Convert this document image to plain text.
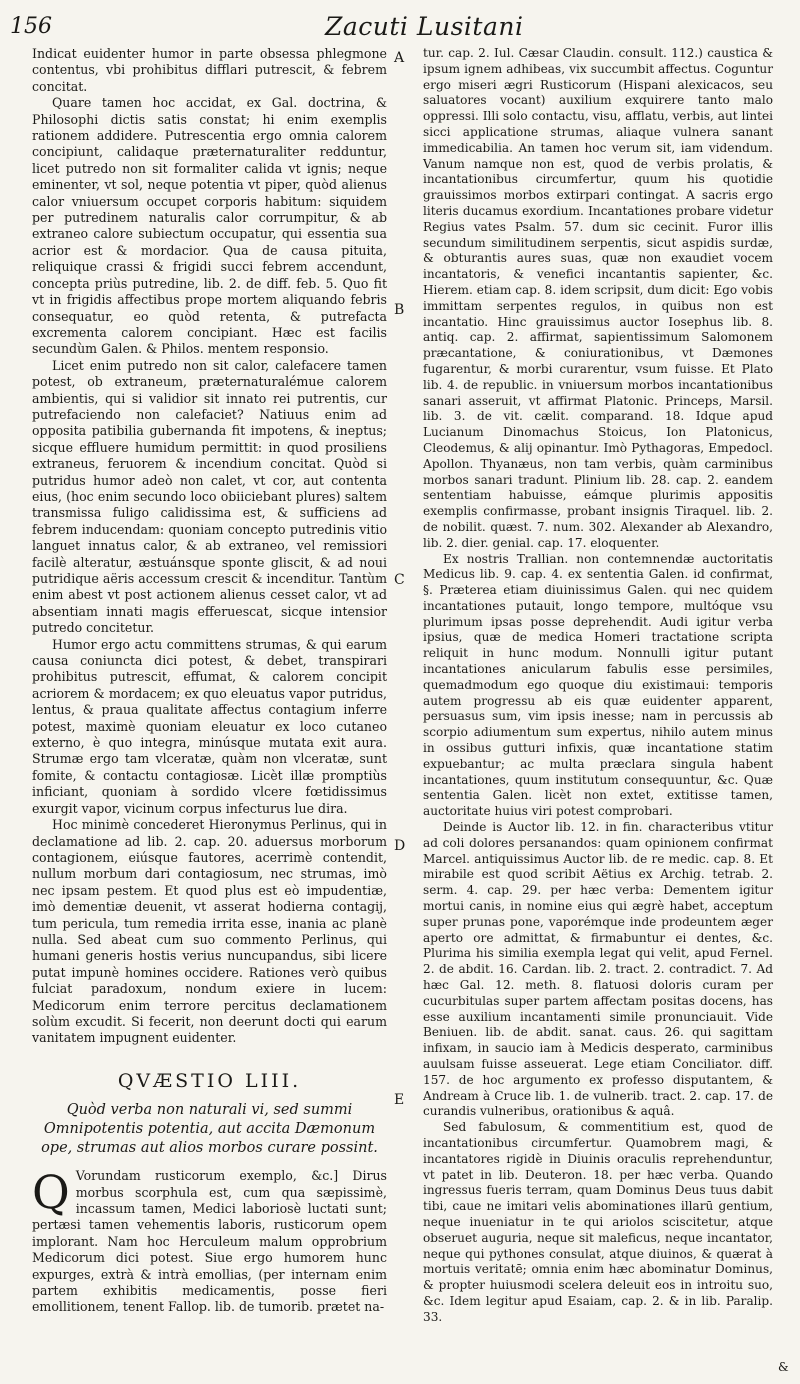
156	Zacuti Lusitani

Indicat euidenter humor in parte obsessa phlegmone contentus, vbi prohibitus difflari putrescit, & febrem concitat.

Quare tamen hoc accidat, ex Gal. doctrina, & Philosophi dictis satis constat; hi enim exemplis rationem addidere. Putrescentia ergo omnia calorem concipiunt, calidaque præternaturaliter redduntur, licet putredo non sit formaliter calida vt ignis; neque eminenter, vt sol, neque potentia vt piper, quòd alienus calor vniuersum occupet corporis habitum: siquidem per putredinem naturalis calor corrumpitur, & ab extraneo calore subiectum occupatur, qui essentia sua acrior est & mordacior. Qua de causa pituita, reliquique crassi & frigidi succi febrem accendunt, concepta priùs putredine, lib. 2. de diff. feb. 5. Quo fit vt in frigidis affectibus prope mortem aliquando febris consequatur, eo quòd retenta, & putrefacta excrementa calorem concipiant. Hæc est facilis secundùm Galen. & Philos. mentem responsio.

Licet enim putredo non sit calor, calefacere tamen potest, ob extraneum, præternaturalémue calorem ambientis, qui si validior sit innato rei putrentis, cur putrefaciendo non calefaciet? Natiuus enim ad opposita patibilia gubernanda fit impotens, & ineptus; sicque effluere humidum permittit: in quod prosiliens extraneus, feruorem & incendium concitat. Quòd si putridus humor adeò non calet, vt cor, aut contenta eius, (hoc enim secundo loco obiiciebant plures) saltem transmissa fuligo calidissima est, & sufficiens ad febrem inducendam: quoniam concepto putredinis vitio languet innatus calor, & ab extraneo, vel remissiori facilè alteratur, æstuánsque sponte gliscit, & ad noui putridique aëris accessum crescit & incenditur. Tantùm enim abest vt post actionem alienus cesset calor, vt ad absentiam innati magis efferuescat, sicque intensior putredo concitetur.

Humor ergo actu committens strumas, & qui earum causa coniuncta dici potest, & debet, transpirari prohibitus putrescit, effumat, & calorem concipit acriorem & mordacem; ex quo eleuatus vapor putridus, lentus, & praua qualitate affectus contagium inferre potest, maximè quoniam eleuatur ex loco cutaneo externo, è quo integra, minúsque mutata exit aura. Strumæ ergo tam vlceratæ, quàm non vlceratæ, sunt fomite, & contactu contagiosæ. Licèt illæ promptiùs inficiant, quoniam à sordido vlcere fœtidissimus exurgit vapor, vicinum corpus infecturus lue dira.

Hoc minimè concederet Hieronymus Perlinus, qui in declamatione ad lib. 2. cap. 20. aduersus morborum contagionem, eiúsque fautores, acerrimè contendit, nullum morbum dari contagiosum, nec strumas, imò nec ipsam pestem. Et quod plus est eò impudentiæ, imò dementiæ deuenit, vt asserat hodierna contagij, tum pericula, tum remedia irrita esse, inania ac planè nulla. Sed abeat cum suo commento Perlinus, qui humani generis hostis verius nuncupandus, sibi licere putat impunè homines occidere. Rationes verò quibus fulciat paradoxum, nondum exiere in lucem: Medicorum enim terrore percitus declamationem solùm excudit. Si fecerit, non deerunt docti qui earum vanitatem impugnent euidenter.

QVÆSTIO LIII.
Quòd verba non naturali vi, sed summi Omnipotentis potentia, aut accita Dæmonum ope, strumas aut alios morbos curare possint.

Q Vorundam rusticorum exemplo, &c.] Dirus morbus scorphula est, cum qua sæpissimè, incassum tamen, Medici laboriosè luctati sunt; pertæsi tamen vehementis laboris, rusticorum opem implorant. Nam hoc Herculeum malum opprobrium Medicorum dici potest. Siue ergo humorem hunc expurges, extrà & intrà emollias, (per internam enim partem exhibitis medicamentis, posse fieri emollitionem, tenent Fallop. lib. de tumorib. prætet na-

A
B
C
D
E

tur. cap. 2. Iul. Cæsar Claudin. consult. 112.) caustica & ipsum ignem adhibeas, vix succumbit affectus. Coguntur ergo miseri ægri Rusticorum (Hispani alexicacos, seu saluatores vocant) auxilium exquirere tanto malo oppressi. Illi solo contactu, visu, afflatu, verbis, aut lintei sicci applicatione strumas, aliaque vulnera sanant immedicabilia. An tamen hoc verum sit, iam videndum. Vanum namque non est, quod de verbis prolatis, & incantationibus circumfertur, quum his quotidie grauissimos morbos extirpari contingat. A sacris ergo literis ducamus exordium. Incantationes probare videtur Regius vates Psalm. 57. dum sic cecinit. Furor illis secundum similitudinem serpentis, sicut aspidis surdæ, & obturantis aures suas, quæ non exaudiet vocem incantatoris, & venefici incantantis sapienter, &c. Hierem. etiam cap. 8. idem scripsit, dum dicit: Ego vobis immittam serpentes regulos, in quibus non est incantatio. Hinc grauissimus auctor Iosephus lib. 8. antiq. cap. 2. affirmat, sapientissimum Salomonem præcantatione, & coniurationibus, vt Dæmones fugarentur, & morbi curarentur, vsum fuisse. Et Plato lib. 4. de republic. in vniuersum morbos incantationibus sanari asseruit, vt affirmat Platonic. Princeps, Marsil. lib. 3. de vit. cælit. comparand. 18. Idque apud Lucianum Dinomachus Stoicus, Ion Platonicus, Cleodemus, & alij opinantur. Imò Pythagoras, Empedocl. Apollon. Thyanæus, non tam verbis, quàm carminibus morbos sanari tradunt. Plinium lib. 28. cap. 2. eandem sententiam habuisse, eámque plurimis appositis exemplis confirmasse, probant insignis Tiraquel. lib. 2. de nobilit. quæst. 7. num. 302. Alexander ab Alexandro, lib. 2. dier. genial. cap. 17. eloquenter.

Ex nostris Trallian. non contemnendæ auctoritatis Medicus lib. 9. cap. 4. ex sententia Galen. id confirmat, §. Præterea etiam diuinissimus Galen. qui nec quidem incantationes putauit, longo tempore, multóque vsu plurimum ipsas posse deprehendit. Audi igitur verba ipsius, quæ de medica Homeri tractatione scripta reliquit in hunc modum. Nonnulli igitur putant incantationes anicularum fabulis esse persimiles, quemadmodum ego quoque diu existimaui: temporis autem progressu ab eis quæ euidenter apparent, persuasus sum, vim ipsis inesse; nam in percussis ab scorpio adiumentum sum expertus, nihilo autem minus in ossibus gutturi infixis, quæ incantatione statim expuebantur; ac multa præclara singula habent incantationes, quum institutum consequuntur, &c. Quæ sententia Galen. licèt non extet, extitisse tamen, auctoritate huius viri potest comprobari.

Deinde is Auctor lib. 12. in fin. characteribus vtitur ad coli dolores persanandos: quam opinionem confirmat Marcel. antiquissimus Auctor lib. de re medic. cap. 8. Et mirabile est quod scribit Aëtius ex Archig. tetrab. 2. serm. 4. cap. 29. per hæc verba: Dementem igitur mortui canis, in nomine eius qui ægrè habet, acceptum super prunas pone, vaporémque inde prodeuntem æger aperto ore admittat, & firmabuntur ei dentes, &c. Plurima his similia exempla legat qui velit, apud Fernel. 2. de abdit. 16. Cardan. lib. 2. tract. 2. contradict. 7. Ad hæc Gal. 12. meth. 8. flatuosi doloris curam per cucurbitulas super partem affectam positas docens, has esse auxilium incantamenti simile pronunciauit. Vide Beniuen. lib. de abdit. sanat. caus. 26. qui sagittam infixam, in saucio iam à Medicis desperato, carminibus auulsam fuisse asseuerat. Lege etiam Conciliator. diff. 157. de hoc argumento ex professo disputantem, & Andream à Cruce lib. 1. de vulnerib. tract. 2. cap. 17. de curandis vulneribus, orationibus & aquâ.

Sed fabulosum, & commentitium est, quod de incantationibus circumfertur. Quamobrem magi, & incantatores rigidè in Diuinis oraculis reprehenduntur, vt patet in lib. Deuteron. 18. per hæc verba. Quando ingressus fueris terram, quam Dominus Deus tuus dabit tibi, caue ne imitari velis abominationes illarū gentium, neque inueniatur in te qui ariolos sciscitetur, atque obseruet auguria, neque sit maleficus, neque incantator, neque qui pythones consulat, atque diuinos, & quærat à mortuis veritatē; omnia enim hæc abominatur Dominus, & propter huiusmodi scelera deleuit eos in introitu suo, &c. Idem legitur apud Esaiam, cap. 2. & in lib. Paralip. 33.

&
